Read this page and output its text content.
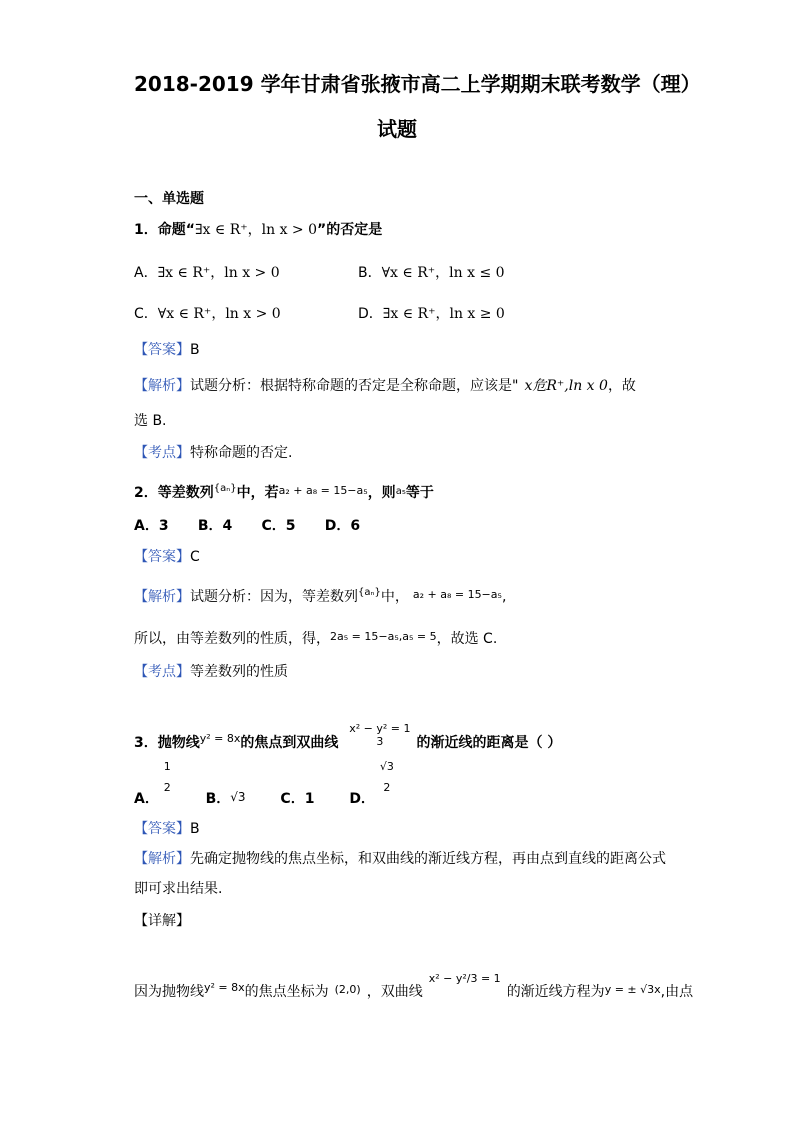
2018-2019 学年甘肃省张掖市高二上学期期末联考数学（理）
试题
一、单选题
1．命题“∃x ∈ R⁺，ln x > 0”的否定是
A．∃x ∈ R⁺，ln x > 0	B．∀x ∈ R⁺，ln x ≤ 0
C．∀x ∈ R⁺，ln x > 0	D．∃x ∈ R⁺，ln x ≥ 0
【答案】B
【解析】试题分析：根据特称命题的否定是全称命题，应该是" x危R⁺,ln x 0，故
选 B.
【考点】特称命题的否定.
2．等差数列$^{\{a_n\}}$中，若$^{a_2 + a_8 = 15-a_5}$，则$^{a_5}$等于
A．3      B．4      C．5      D．6
【答案】C
【解析】试题分析：因为，等差数列$^{\{a_n\}}$中， a₂ + a₈ = 15−a₅,
所以，由等差数列的性质，得，2a₅ = 15−a₅,a₅ = 5，故选 C.
【考点】等差数列的性质
3．抛物线$^{y^2 = 8x}$的焦点到双曲线
x² − y² = 1
3	的渐近线的距离是（ ）
A．
1
2
B．√3 C．1 D．
√3
2
【答案】B
【解析】先确定抛物线的焦点坐标，和双曲线的渐近线方程，再由点到直线的距离公式
即可求出结果.
【详解】
因为抛物线$^{y^2 = 8x}$的焦点坐标为 (2,0) ，双曲线$^{x^2 - y^2/3 = 1}$的渐近线方程为y = ± √3x,由点
